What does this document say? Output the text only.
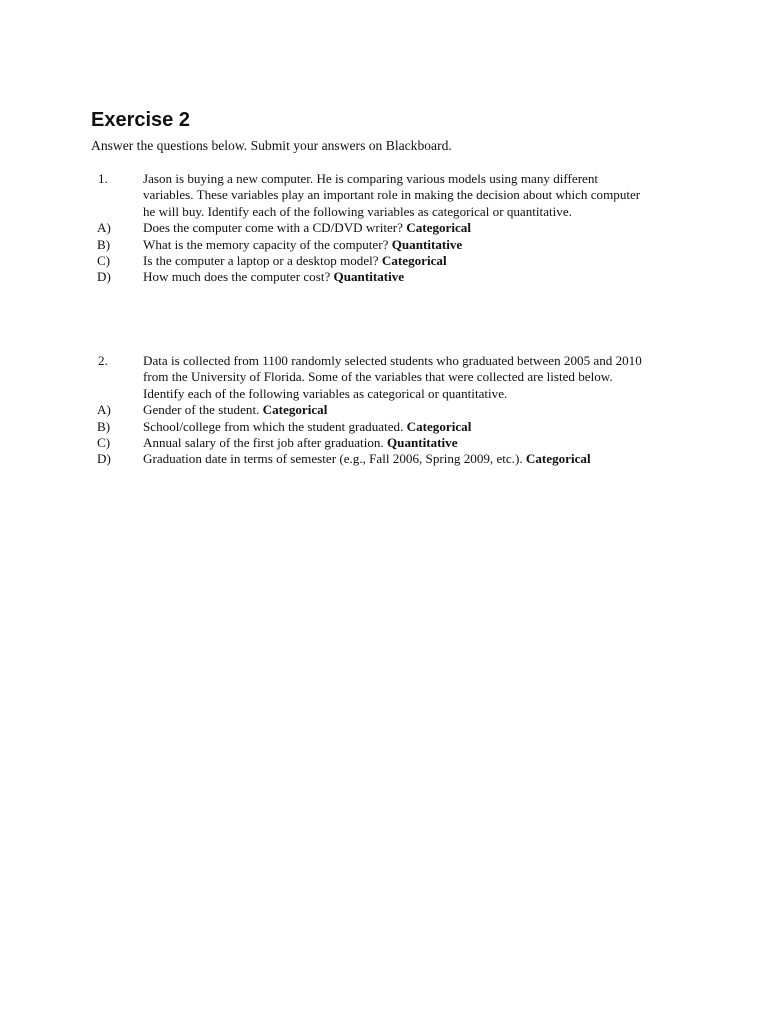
Exercise 2

Answer the questions below. Submit your answers on Blackboard.

1.	Jason is buying a new computer. He is comparing various models using many different
variables. These variables play an important role in making the decision about which computer
he will buy. Identify each of the following variables as categorical or quantitative.
A)	Does the computer come with a CD/DVD writer? Categorical
B)	What is the memory capacity of the computer? Quantitative
C)	Is the computer a laptop or a desktop model? Categorical
D)	How much does the computer cost? Quantitative
2.	Data is collected from 1100 randomly selected students who graduated between 2005 and 2010
from the University of Florida. Some of the variables that were collected are listed below.
Identify each of the following variables as categorical or quantitative.
A)	Gender of the student. Categorical
B)	School/college from which the student graduated. Categorical
C)	Annual salary of the first job after graduation. Quantitative
D)	Graduation date in terms of semester (e.g., Fall 2006, Spring 2009, etc.). Categorical
